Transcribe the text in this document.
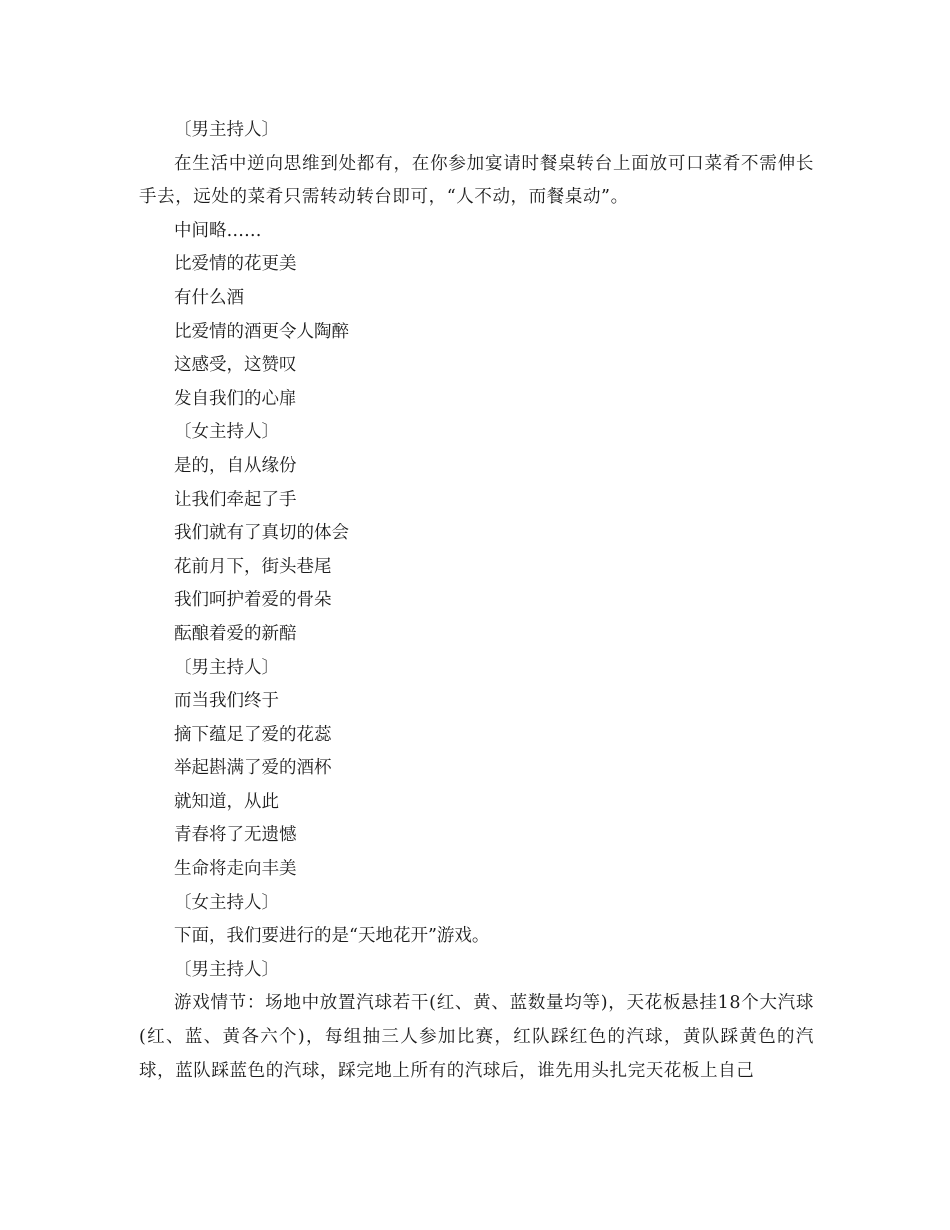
〔男主持人〕

在生活中逆向思维到处都有，在你参加宴请时餐桌转台上面放可口菜肴不需伸长手去，远处的菜肴只需转动转台即可，“人不动，而餐桌动”。

中间略……

比爱情的花更美

有什么酒

比爱情的酒更令人陶醉

这感受，这赞叹

发自我们的心扉

〔女主持人〕

是的，自从缘份

让我们牵起了手

我们就有了真切的体会

花前月下，街头巷尾

我们呵护着爱的骨朵

酝酿着爱的新醅

〔男主持人〕

而当我们终于

摘下蕴足了爱的花蕊

举起斟满了爱的酒杯

就知道，从此

青春将了无遗憾

生命将走向丰美

〔女主持人〕

下面，我们要进行的是“天地花开”游戏。

〔男主持人〕

游戏情节：场地中放置汽球若干(红、黄、蓝数量均等)，天花板悬挂18个大汽球(红、蓝、黄各六个)，每组抽三人参加比赛，红队踩红色的汽球，黄队踩黄色的汽球，蓝队踩蓝色的汽球，踩完地上所有的汽球后，谁先用头扎完天花板上自己
